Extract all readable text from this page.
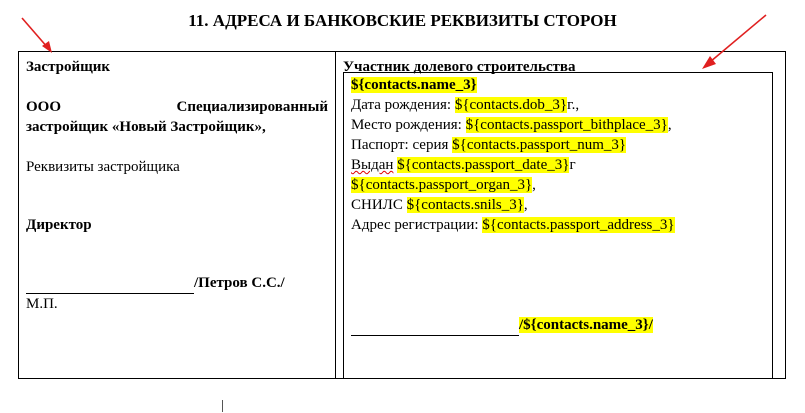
11. АДРЕСА И БАНКОВСКИЕ РЕКВИЗИТЫ СТОРОН
Застройщик
ООО	Специализированный
застройщик «Новый Застройщик»,
Реквизиты застройщика
Директор
/Петров С.С./
М.П.
Участник долевого строительства
${contacts.name_3}
Дата рождения: ${contacts.dob_3}г.,
Место рождения: ${contacts.passport_bithplace_3},
Паспорт: серия ${contacts.passport_num_3}
Выдан ${contacts.passport_date_3}г
${contacts.passport_organ_3},
СНИЛС ${contacts.snils_3},
Адрес регистрации: ${contacts.passport_address_3}
/${contacts.name_3}/
